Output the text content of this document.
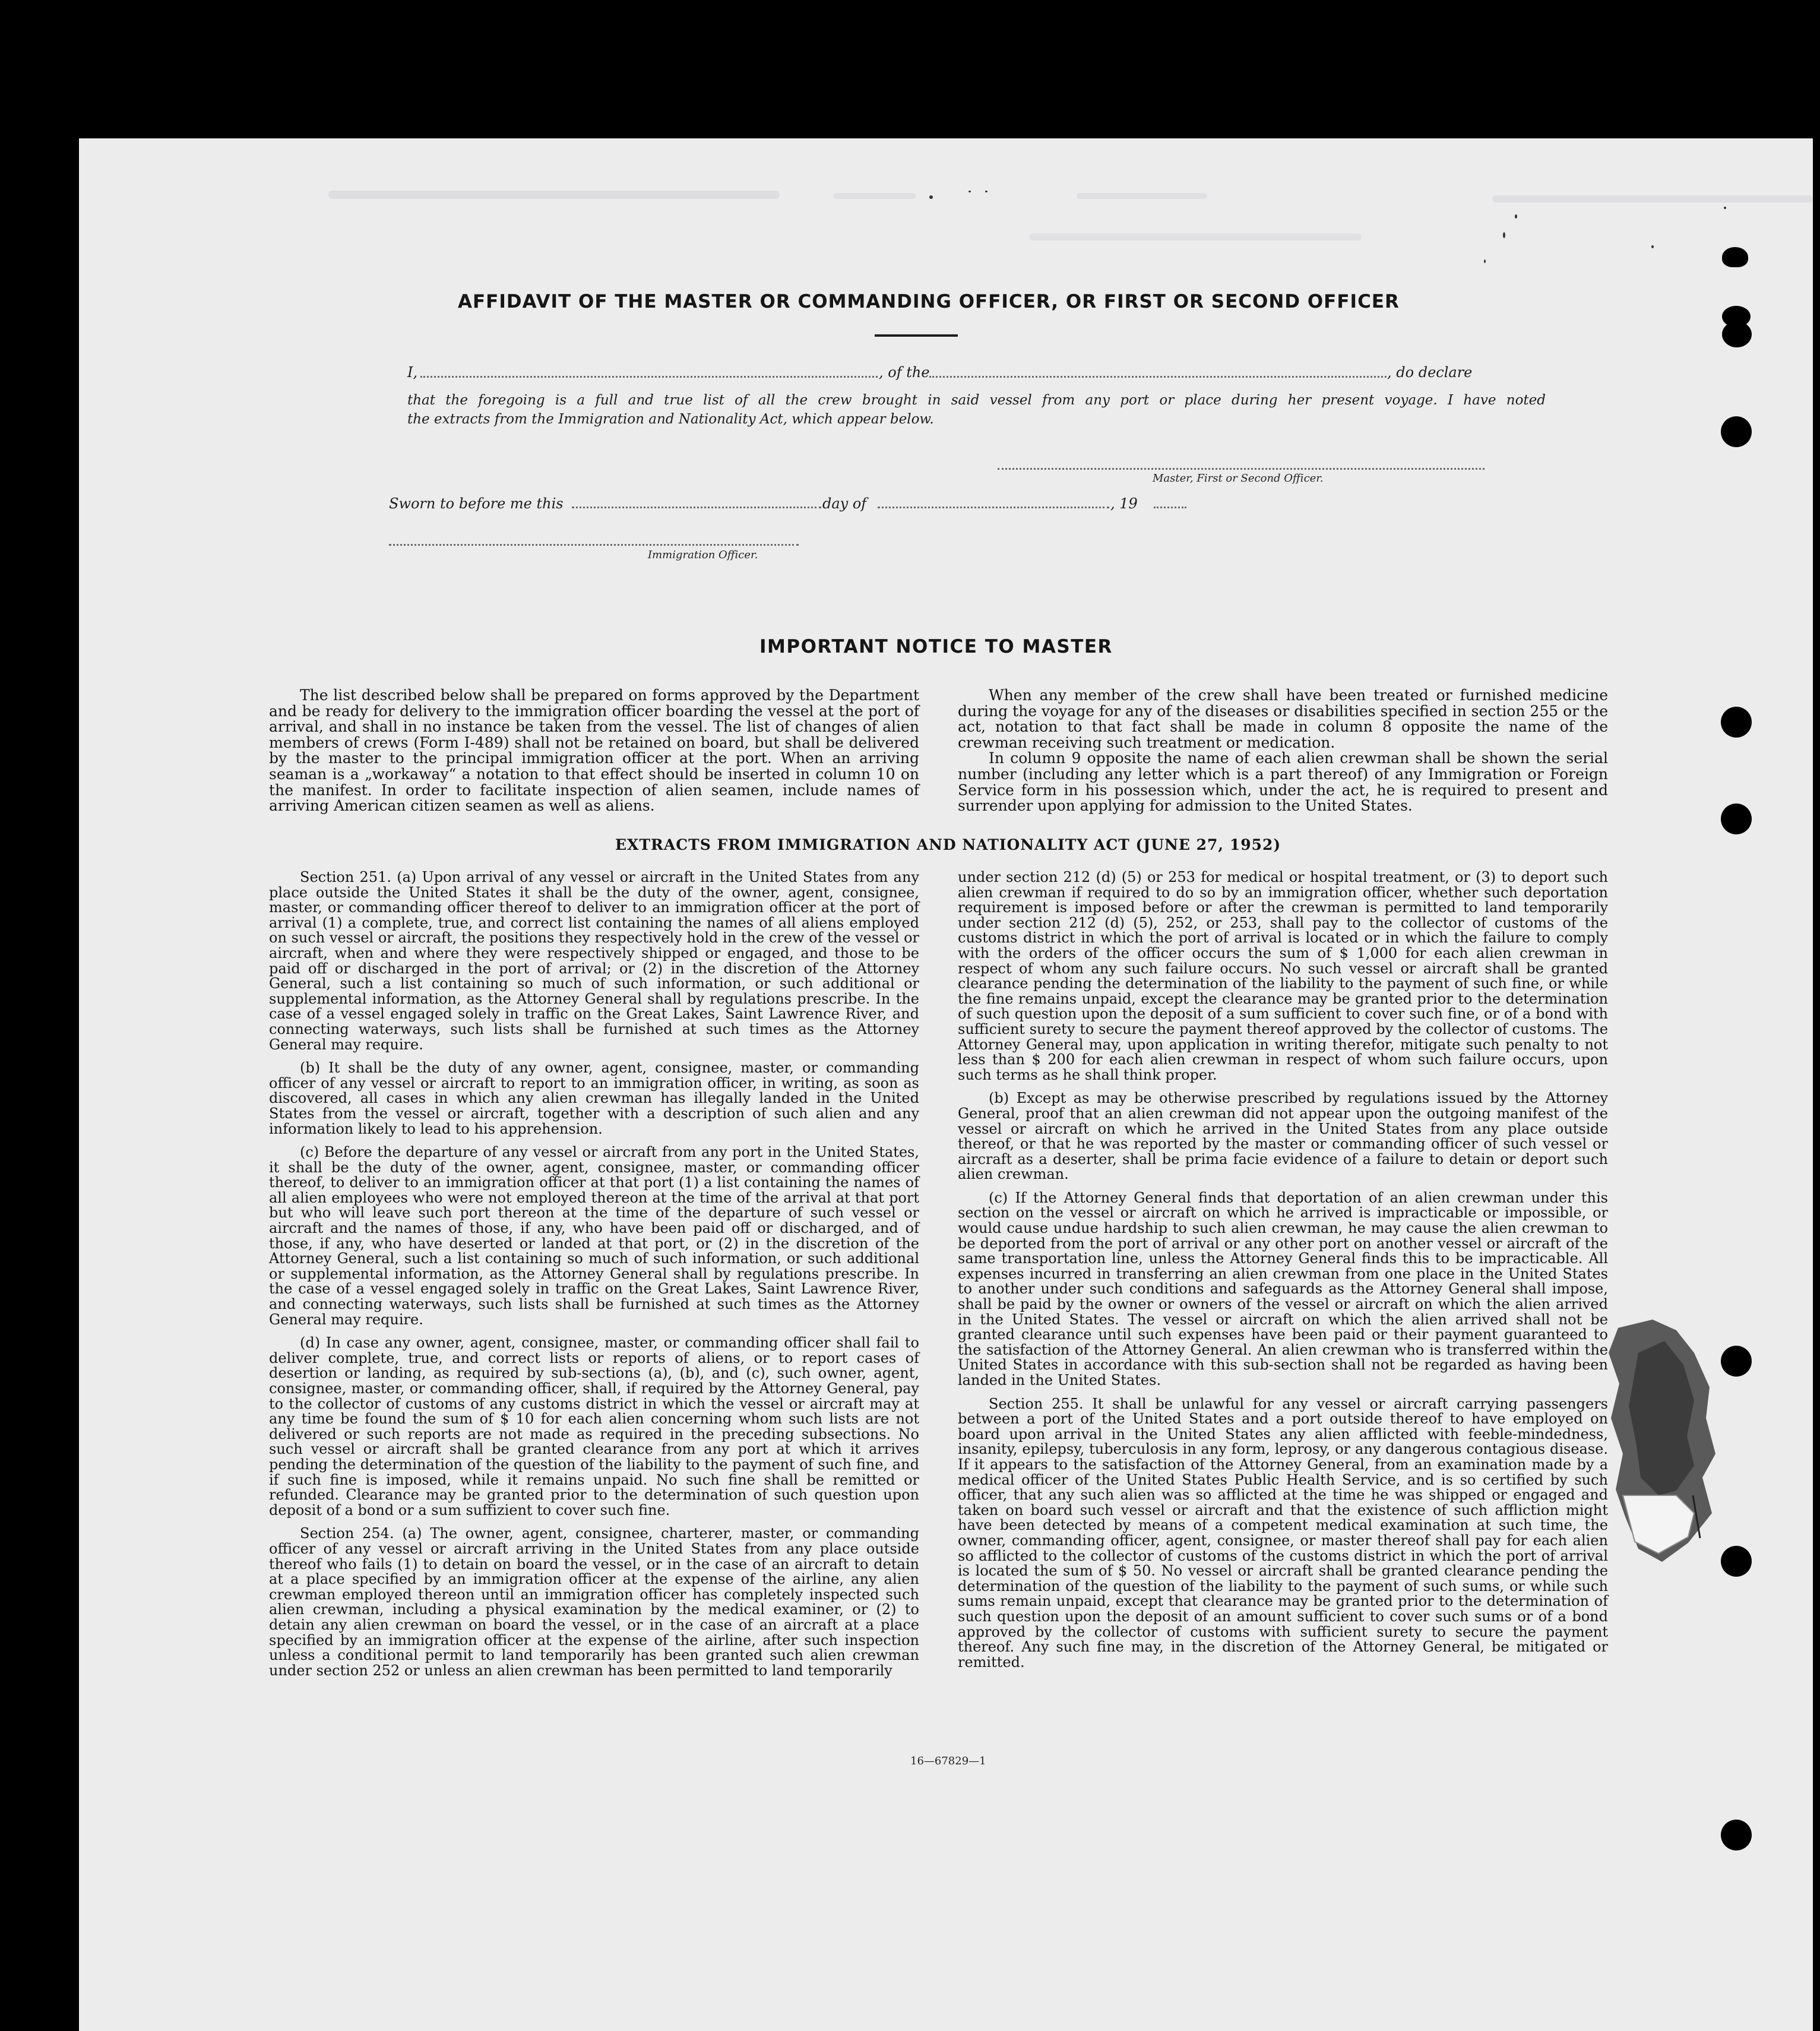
AFFIDAVIT OF THE MASTER OR COMMANDING OFFICER, OR FIRST OR SECOND OFFICER
I,	, of the	, do declare
that the foregoing is a full and true list of all the crew brought in said vessel from any port or place during her present voyage. I have noted
the extracts from the Immigration and Nationality Act, which appear below.
Master, First or Second Officer.
Sworn to before me this	day of	, 19
Immigration Officer.
IMPORTANT NOTICE TO MASTER

The list described below shall be prepared on forms approved by the Department and be ready for delivery to the immigration officer boarding the vessel at the port of arrival, and shall in no instance be taken from the vessel. The list of changes of alien members of crews (Form I-489) shall not be retained on board, but shall be delivered by the master to the principal immigration officer at the port. When an arriving seaman is a „workaway“ a notation to that effect should be inserted in column 10 on the manifest. In order to facilitate inspection of alien seamen, include names of arriving American citizen seamen as well as aliens.

When any member of the crew shall have been treated or furnished medicine during the voyage for any of the diseases or disabilities specified in section 255 or the act, notation to that fact shall be made in column 8 opposite the name of the crewman receiving such treatment or medication.

In column 9 opposite the name of each alien crewman shall be shown the serial number (including any letter which is a part thereof) of any Immigration or Foreign Service form in his possession which, under the act, he is required to present and surrender upon applying for admission to the United States.

EXTRACTS FROM IMMIGRATION AND NATIONALITY ACT (JUNE 27, 1952)

Section 251. (a) Upon arrival of any vessel or aircraft in the United States from any place outside the United States it shall be the duty of the owner, agent, consignee, master, or commanding officer thereof to deliver to an immigration officer at the port of arrival (1) a complete, true, and correct list containing the names of all aliens employed on such vessel or aircraft, the positions they respectively hold in the crew of the vessel or aircraft, when and where they were respectively shipped or engaged, and those to be paid off or discharged in the port of arrival; or (2) in the discretion of the Attorney General, such a list containing so much of such information, or such additional or supplemental information, as the Attorney General shall by regulations prescribe. In the case of a vessel engaged solely in traffic on the Great Lakes, Saint Lawrence River, and connecting waterways, such lists shall be furnished at such times as the Attorney General may require.

(b) It shall be the duty of any owner, agent, consignee, master, or commanding officer of any vessel or aircraft to report to an immigration officer, in writing, as soon as discovered, all cases in which any alien crewman has illegally landed in the United States from the vessel or aircraft, together with a description of such alien and any information likely to lead to his apprehension.

(c) Before the departure of any vessel or aircraft from any port in the United States, it shall be the duty of the owner, agent, consignee, master, or commanding officer thereof, to deliver to an immigration officer at that port (1) a list containing the names of all alien employees who were not employed thereon at the time of the arrival at that port but who will leave such port thereon at the time of the departure of such vessel or aircraft and the names of those, if any, who have been paid off or discharged, and of those, if any, who have deserted or landed at that port, or (2) in the discretion of the Attorney General, such a list containing so much of such information, or such additional or supplemental information, as the Attorney General shall by regulations prescribe. In the case of a vessel engaged solely in traffic on the Great Lakes, Saint Lawrence River, and connecting waterways, such lists shall be furnished at such times as the Attorney General may require.

(d) In case any owner, agent, consignee, master, or commanding officer shall fail to deliver complete, true, and correct lists or reports of aliens, or to report cases of desertion or landing, as required by sub-sections (a), (b), and (c), such owner, agent, consignee, master, or commanding officer, shall, if required by the Attorney General, pay to the collector of customs of any customs district in which the vessel or aircraft may at any time be found the sum of $ 10 for each alien concerning whom such lists are not delivered or such reports are not made as required in the preceding subsections. No such vessel or aircraft shall be granted clearance from any port at which it arrives pending the determination of the question of the liability to the payment of such fine, and if such fine is imposed, while it remains unpaid. No such fine shall be remitted or refunded. Clearance may be granted prior to the determination of such question upon deposit of a bond or a sum suffizient to cover such fine.

Section 254. (a) The owner, agent, consignee, charterer, master, or commanding officer of any vessel or aircraft arriving in the United States from any place outside thereof who fails (1) to detain on board the vessel, or in the case of an aircraft to detain at a place specified by an immigration officer at the expense of the airline, any alien crewman employed thereon until an immigration officer has completely inspected such alien crewman, including a physical examination by the medical examiner, or (2) to detain any alien crewman on board the vessel, or in the case of an aircraft at a place specified by an immigration officer at the expense of the airline, after such inspection unless a conditional permit to land temporarily has been granted such alien crewman under section 252 or unless an alien crewman has been permitted to land temporarily

under section 212 (d) (5) or 253 for medical or hospital treatment, or (3) to deport such alien crewman if required to do so by an immigration officer, whether such deportation requirement is imposed before or after the crewman is permitted to land temporarily under section 212 (d) (5), 252, or 253, shall pay to the collector of customs of the customs district in which the port of arrival is located or in which the failure to comply with the orders of the officer occurs the sum of $ 1,000 for each alien crewman in respect of whom any such failure occurs. No such vessel or aircraft shall be granted clearance pending the determination of the liability to the payment of such fine, or while the fine remains unpaid, except the clearance may be granted prior to the determination of such question upon the deposit of a sum sufficient to cover such fine, or of a bond with sufficient surety to secure the payment thereof approved by the collector of customs. The Attorney General may, upon application in writing therefor, mitigate such penalty to not less than $ 200 for each alien crewman in respect of whom such failure occurs, upon such terms as he shall think proper.

(b) Except as may be otherwise prescribed by regulations issued by the Attorney General, proof that an alien crewman did not appear upon the outgoing manifest of the vessel or aircraft on which he arrived in the United States from any place outside thereof, or that he was reported by the master or commanding officer of such vessel or aircraft as a deserter, shall be prima facie evidence of a failure to detain or deport such alien crewman.

(c) If the Attorney General finds that deportation of an alien crewman under this section on the vessel or aircraft on which he arrived is impracticable or impossible, or would cause undue hardship to such alien crewman, he may cause the alien crewman to be deported from the port of arrival or any other port on another vessel or aircraft of the same transportation line, unless the Attorney General finds this to be impracticable. All expenses incurred in transferring an alien crewman from one place in the United States to another under such conditions and safeguards as the Attorney General shall impose, shall be paid by the owner or owners of the vessel or aircraft on which the alien arrived in the United States. The vessel or aircraft on which the alien arrived shall not be granted clearance until such expenses have been paid or their payment guaranteed to the satisfaction of the Attorney General. An alien crewman who is transferred within the United States in accordance with this sub-section shall not be regarded as having been landed in the United States.

Section 255. It shall be unlawful for any vessel or aircraft carrying passengers between a port of the United States and a port outside thereof to have employed on board upon arrival in the United States any alien afflicted with feeble-mindedness, insanity, epilepsy, tuberculosis in any form, leprosy, or any dangerous contagious disease. If it appears to the satisfaction of the Attorney General, from an examination made by a medical officer of the United States Public Health Service, and is so certified by such officer, that any such alien was so afflicted at the time he was shipped or engaged and taken on board such vessel or aircraft and that the existence of such affliction might have been detected by means of a competent medical examination at such time, the owner, commanding officer, agent, consignee, or master thereof shall pay for each alien so afflicted to the collector of customs of the customs district in which the port of arrival is located the sum of $ 50. No vessel or aircraft shall be granted clearance pending the determination of the question of the liability to the payment of such sums, or while such sums remain unpaid, except that clearance may be granted prior to the determination of such question upon the deposit of an amount sufficient to cover such sums or of a bond approved by the collector of customs with sufficient surety to secure the payment thereof. Any such fine may, in the discretion of the Attorney General, be mitigated or remitted.

16—67829—1
